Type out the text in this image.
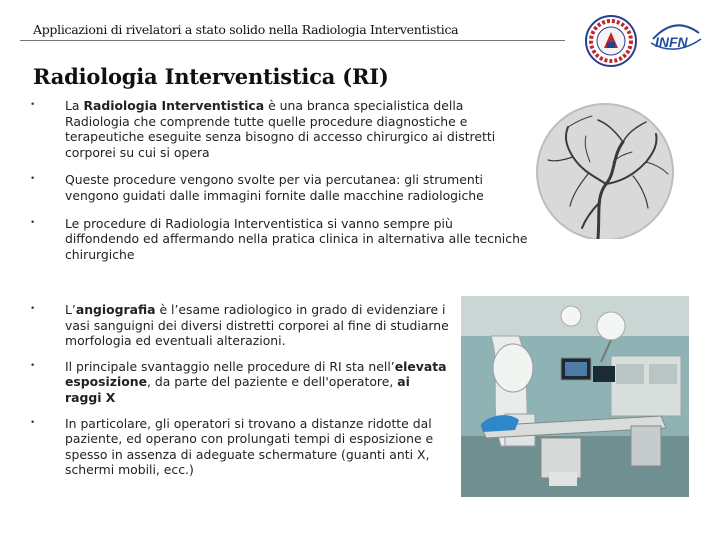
Applicazioni di rivelatori a stato solido nella Radiologia Interventistica
INFN
Radiologia Interventistica (RI)
• La Radiologia Interventistica è una branca specialistica della Radiologia che comprende tutte quelle procedure diagnostiche e terapeutiche eseguite senza bisogno di accesso chirurgico ai distretti corporei su cui si opera
• Queste procedure vengono svolte per via percutanea: gli strumenti vengono guidati dalle immagini fornite dalle macchine radiologiche
• Le procedure di Radiologia Interventistica si vanno sempre più diffondendo ed affermando nella pratica clinica in alternativa alle tecniche chirurgiche
• L’angiografia è l’esame radiologico in grado di evidenziare i vasi sanguigni dei diversi distretti corporei al fine di studiarne morfologia ed eventuali alterazioni.
• Il principale svantaggio nelle procedure di RI sta nell’elevata esposizione, da parte del paziente e dell'operatore, ai raggi X
• In particolare, gli operatori si trovano a distanze ridotte dal paziente, ed operano con prolungati tempi di esposizione e spesso in assenza di adeguate schermature (guanti anti X, schermi mobili, ecc.)
